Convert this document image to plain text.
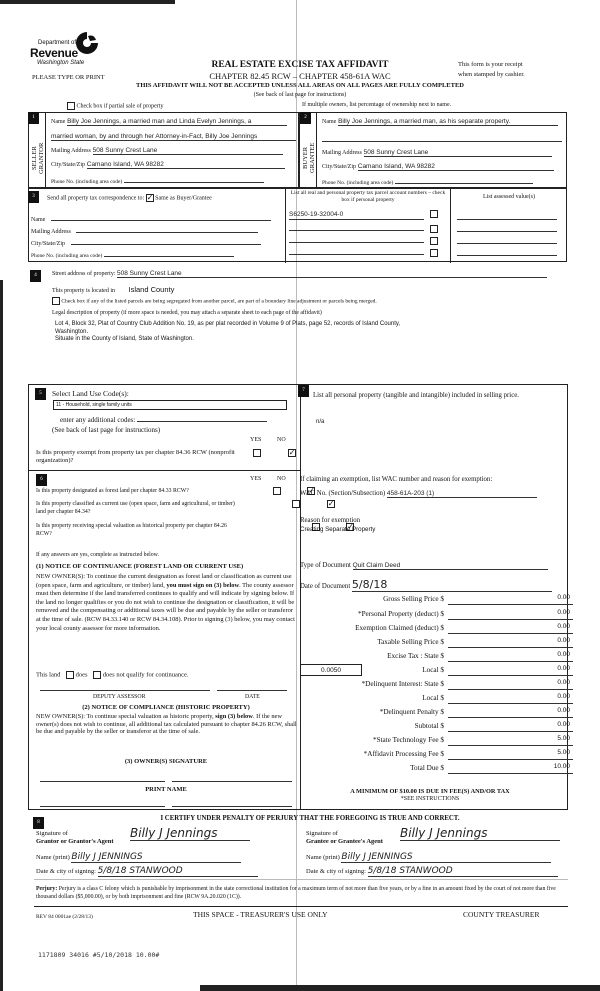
Department of
Revenue
Washington State	REAL ESTATE EXCISE TAX AFFIDAVIT
CHAPTER 82.45 RCW – CHAPTER 458-61A WAC
PLEASE TYPE OR PRINT
This form is your receipt
when stamped by cashier.
THIS AFFIDAVIT WILL NOT BE ACCEPTED UNLESS ALL AREAS ON ALL PAGES ARE FULLY COMPLETED
(See back of last page for instructions)
Check box if partial sale of property	If multiple owners, list percentage of ownership next to name.
1
SELLER
GRANTOR
Name Billy Joe Jennings, a married man and Linda Evelyn Jennings, a
married woman, by and through her Attorney-in-Fact, Billy Joe Jennings
Mailing Address 508 Sunny Crest Lane
City/State/Zip Camano Island, WA 98282
Phone No. (including area code)
2
BUYER
GRANTEE
Name Billy Joe Jennings, a married man, as his separate property.
Mailing Address 508 Sunny Crest Lane
City/State/Zip Camano Island, WA 98282
Phone No. (including area code)
3	Send all property tax correspondence to: ✓ Same as Buyer/Grantee
Name
Mailing Address
City/State/Zip
Phone No. (including area code)
List all real and personal property tax parcel account numbers – check box if personal property	List assessed value(s)
S6250-19-32004-0

4	Street address of property: 508 Sunny Crest Lane
This property is located in Island County
Check box if any of the listed parcels are being segregated from another parcel, are part of a boundary line adjustment or parcels being merged.
Legal description of property (if more space is needed, you may attach a separate sheet to each page of the affidavit)
Lot 4, Block 32, Plat of Country Club Addition No. 19, as per plat recorded in Volume 9 of Plats, page 52, records of Island County,
Washington.
Situate in the County of Island, State of Washington.
5	Select Land Use Code(s):
11 - Household, single family units
enter any additional codes:
(See back of last page for instructions)
YES	NO
Is this property exempt from property tax per chapter 84.36 RCW (nonprofit organization)?
✓
6	YES	NO
Is this property designated as forest land per chapter 84.33 RCW?
✓
Is this property classified as current use (open space, farm and agricultural, or timber) land per chapter 84.34?
✓
Is this property receiving special valuation as historical property per chapter 84.26 RCW?
✓
If any answers are yes, complete as instructed below.
(1) NOTICE OF CONTINUANCE (FOREST LAND OR CURRENT USE)
NEW OWNER(S): To continue the current designation as forest land or classification as current use (open space, farm and agriculture, or timber) land, you must sign on (3) below. The county assessor must then determine if the land transferred continues to qualify and will indicate by signing below. If the land no longer qualifies or you do not wish to continue the designation or classification, it will be removed and the compensating or additional taxes will be due and payable by the seller or transferor at the time of sale. (RCW 84.33.140 or RCW 84.34.108). Prior to signing (3) below, you may contact your local county assessor for more information.
This land does does not qualify for continuance.
DEPUTY ASSESSOR	DATE
(2) NOTICE OF COMPLIANCE (HISTORIC PROPERTY)
NEW OWNER(S): To continue special valuation as historic property, sign (3) below. If the new owner(s) does not wish to continue, all additional tax calculated pursuant to chapter 84.26 RCW, shall be due and payable by the seller or transferor at the time of sale.
(3) OWNER(S) SIGNATURE
PRINT NAME
7
List all personal property (tangible and intangible) included in selling price.
n/a
If claiming an exemption, list WAC number and reason for exemption:
WAC No. (Section/Subsection) 458-61A-203 (1)
Reason for exemption
Creating Separate Property
Type of Document Quit Claim Deed
Date of Document 5/8/18
Gross Selling Price $	0.00
*Personal Property (deduct) $	0.00
Exemption Claimed (deduct) $	0.00
Taxable Selling Price $	0.00
Excise Tax : State $	0.00
0.0050	Local $	0.00
*Delinquent Interest: State $	0.00
Local $	0.00
*Delinquent Penalty $	0.00
Subtotal $	0.00
*State Technology Fee $	5.00
*Affidavit Processing Fee $	5.00
Total Due $	10.00
A MINIMUM OF $10.00 IS DUE IN FEE(S) AND/OR TAX
*SEE INSTRUCTIONS
8
I CERTIFY UNDER PENALTY OF PERJURY THAT THE FOREGOING IS TRUE AND CORRECT.
Signature of
Grantor or Grantor's Agent
Billy J Jennings
Name (print) Billy J JENNINGS
Date & city of signing: 5/8/18 STANWOOD
Signature of
Grantee or Grantee's Agent
Billy J Jennings
Name (print) Billy J JENNINGS
Date & city of signing: 5/8/18 STANWOOD
Perjury: Perjury is a class C felony which is punishable by imprisonment in the state correctional institution for a maximum term of not more than five years, or by a fine in an amount fixed by the court of not more than five thousand dollars ($5,000.00), or by both imprisonment and fine (RCW 9A.20.020 (1C)).
REV 84 0001ae (2/28/13)	THIS SPACE - TREASURER'S USE ONLY	COUNTY TREASURER
1171809 34016 #5/10/2018 10.00#
